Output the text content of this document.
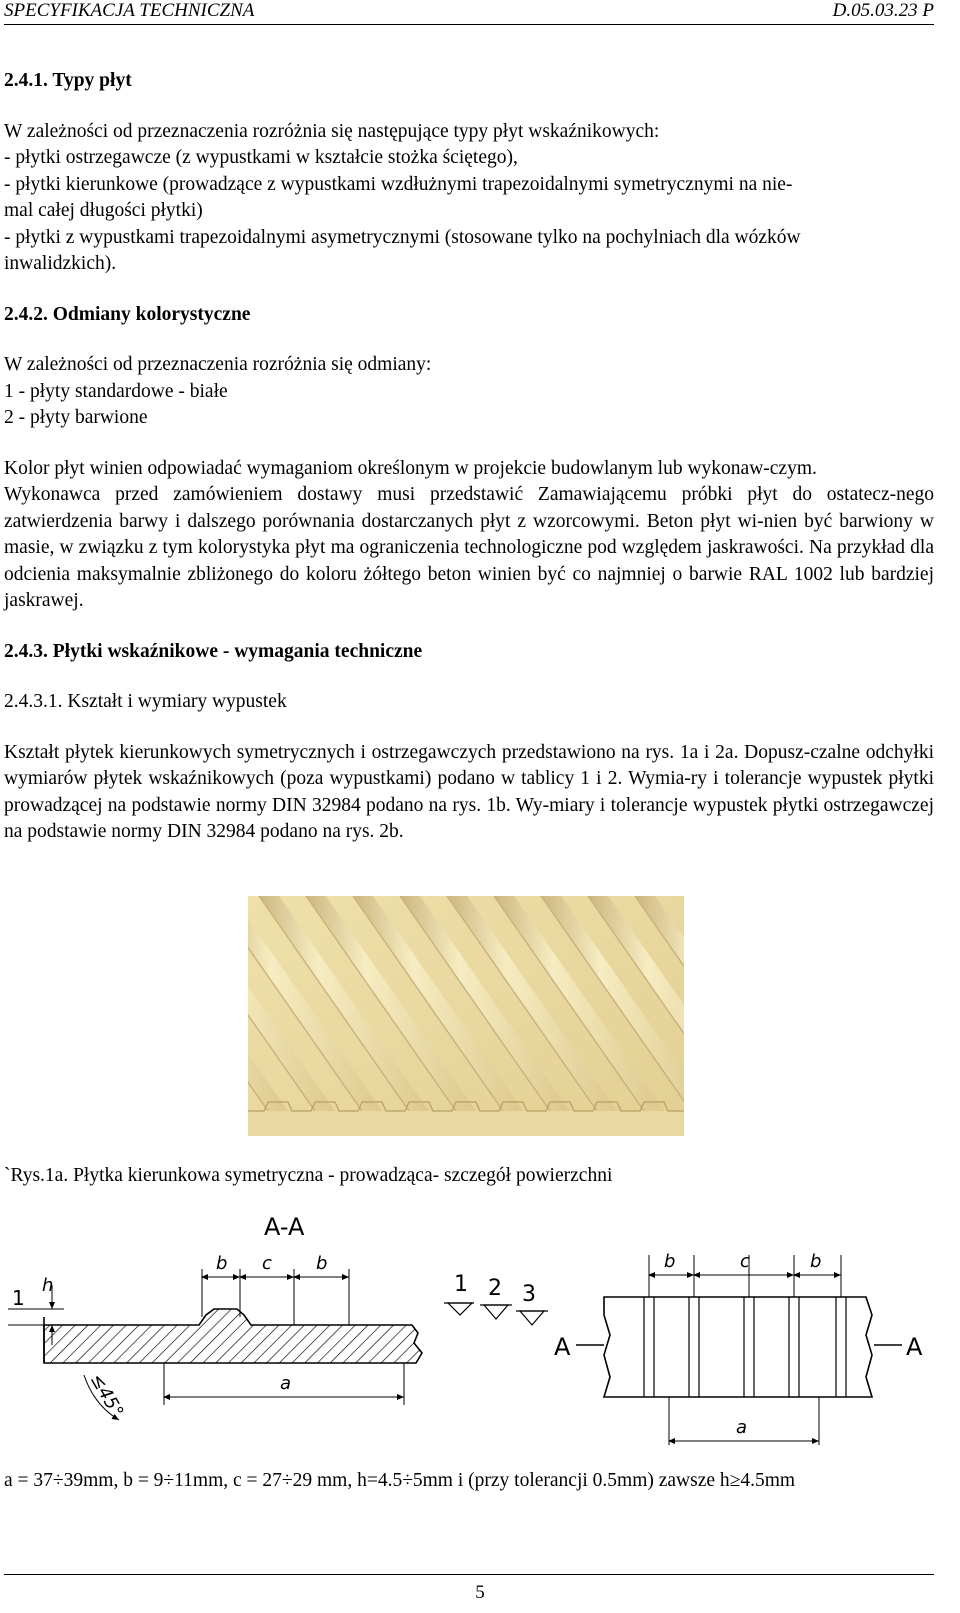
SPECYFIKACJA TECHNICZNA	D.05.03.23 P
2.4.1. Typy płyt
W zależności od przeznaczenia rozróżnia się następujące typy płyt wskaźnikowych:
- płytki ostrzegawcze (z wypustkami w kształcie stożka ściętego),
- płytki kierunkowe (prowadzące z wypustkami wzdłużnymi trapezoidalnymi symetrycznymi na nie-
mal całej długości płytki)
- płytki z wypustkami trapezoidalnymi asymetrycznymi (stosowane tylko na pochylniach dla wózków
inwalidzkich).
2.4.2. Odmiany kolorystyczne
W zależności od przeznaczenia rozróżnia się odmiany:
1 - płyty standardowe - białe
2 - płyty barwione

Kolor płyt winien odpowiadać wymaganiom określonym w projekcie budowlanym lub wykonaw-czym.

Wykonawca przed zamówieniem dostawy musi przedstawić Zamawiającemu próbki płyt do ostatecz-nego zatwierdzenia barwy i dalszego porównania dostarczanych płyt z wzorcowymi. Beton płyt wi-nien być barwiony w masie, w związku z tym kolorystyka płyt ma ograniczenia technologiczne pod względem jaskrawości. Na przykład dla odcienia maksymalnie zbliżonego do koloru żółtego beton winien być co najmniej o barwie RAL 1002 lub bardziej jaskrawej.

2.4.3. Płytki wskaźnikowe - wymagania techniczne
2.4.3.1. Kształt i wymiary wypustek

Kształt płytek kierunkowych symetrycznych i ostrzegawczych przedstawiono na rys. 1a i 2a. Dopusz-czalne odchyłki wymiarów płytek wskaźnikowych (poza wypustkami) podano w tablicy 1 i 2. Wymia-ry i tolerancje wypustek płytki prowadzącej na podstawie normy DIN 32984 podano na rys. 1b. Wy-miary i tolerancje wypustek płytki ostrzegawczej na podstawie normy DIN 32984 podano na rys. 2b.

`Rys.1a. Płytka kierunkowa symetryczna - prowadząca- szczegół powierzchni
A-A
b c b
h
1
≤45°	a
1 2 3
A	A
b	c	b
a
a = 37÷39mm, b = 9÷11mm, c = 27÷29 mm, h=4.5÷5mm i (przy tolerancji 0.5mm) zawsze h≥4.5mm
5
